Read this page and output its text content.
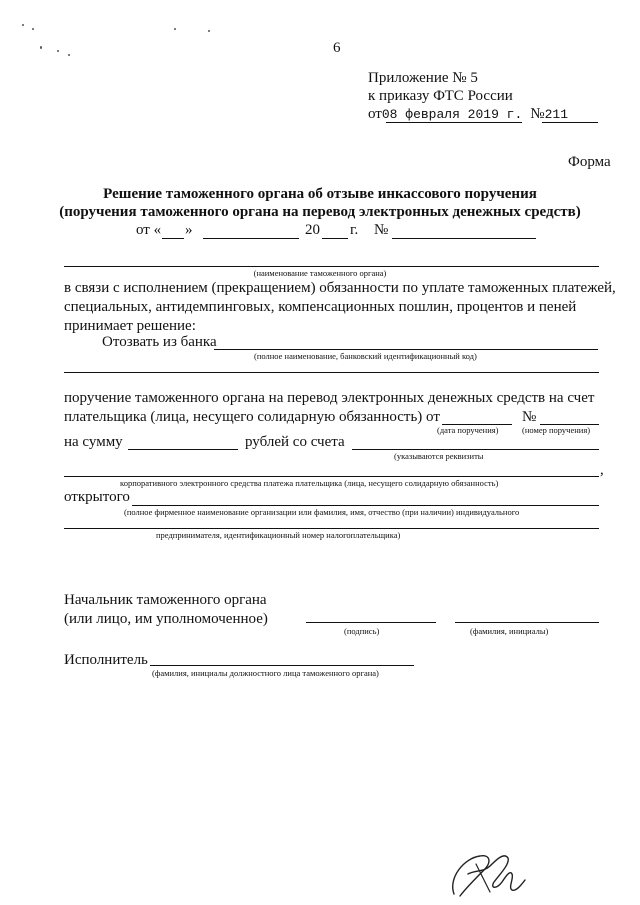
6
Приложение № 5
к приказу ФТС России
от08 февраля 2019 г. №211
Форма
Решение таможенного органа об отзыве инкассового поручения
(поручения таможенного органа на перевод электронных денежных средств)
от « »	20 г. №
(наименование таможенного органа)
в связи с исполнением (прекращением) обязанности по уплате таможенных платежей,
специальных, антидемпинговых, компенсационных пошлин, процентов и пеней
принимает решение:
Отозвать из банка
(полное наименование, банковский идентификационный код)
поручение таможенного органа на перевод электронных денежных средств на счет
плательщика (лица, несущего солидарную обязанность) от	№
(дата поручения)	(номер поручения)
на сумму	рублей со счета
(указываются реквизиты
,
корпоративного электронного средства платежа плательщика (лица, несущего солидарную обязанность)
открытого
(полное фирменное наименование организации или фамилия, имя, отчество (при наличии) индивидуального
предпринимателя, идентификационный номер налогоплательщика)
Начальник таможенного органа
(или лицо, им уполномоченное)
(подпись)	(фамилия, инициалы)
Исполнитель
(фамилия, инициалы должностного лица таможенного органа)
